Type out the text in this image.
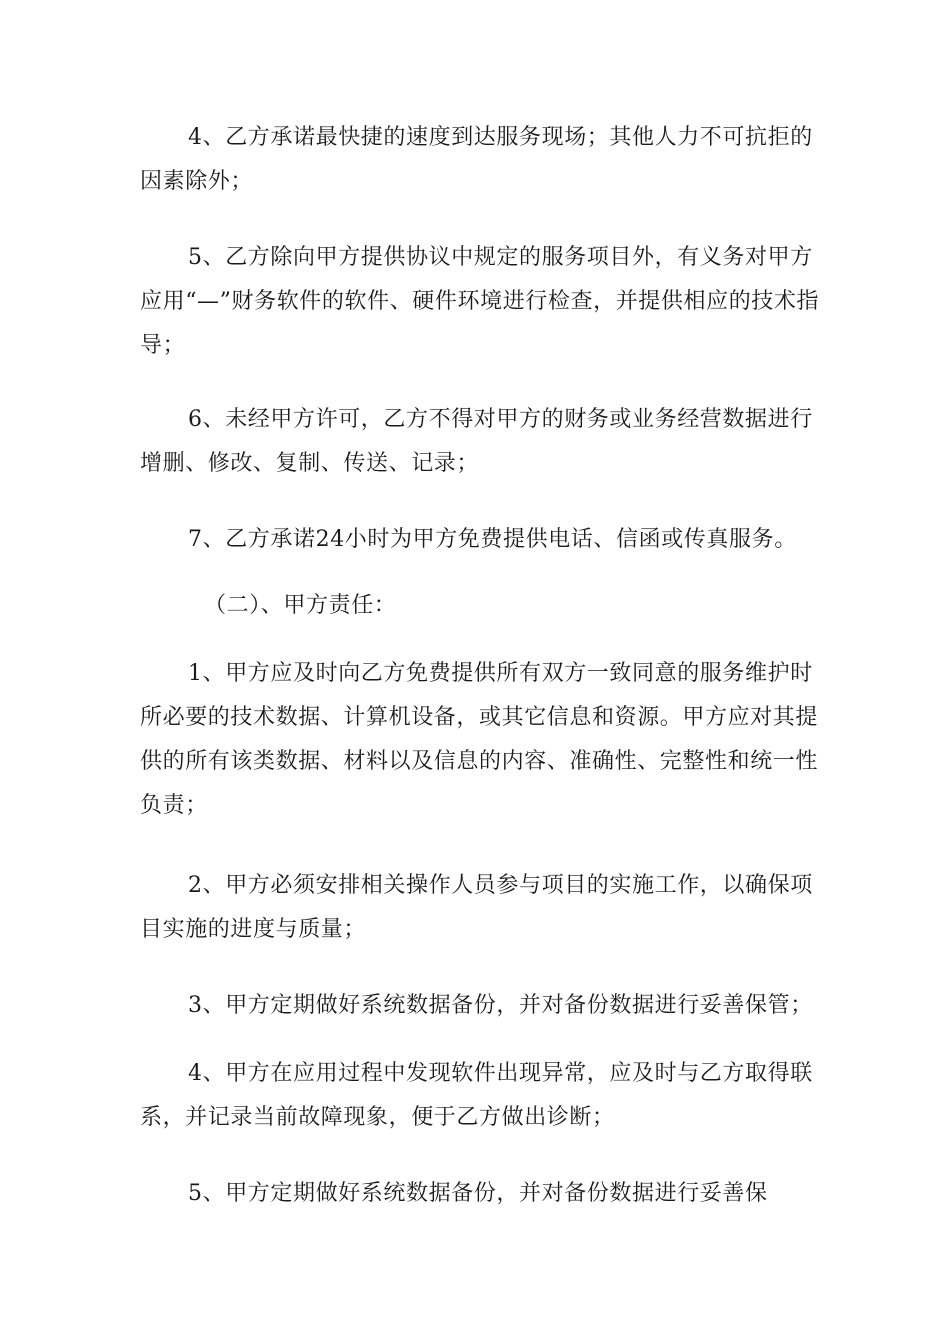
4、乙方承诺最快捷的速度到达服务现场；其他人力不可抗拒的因素除外；

5、乙方除向甲方提供协议中规定的服务项目外，有义务对甲方应用“—”财务软件的软件、硬件环境进行检查，并提供相应的技术指导；

6、未经甲方许可，乙方不得对甲方的财务或业务经营数据进行增删、修改、复制、传送、记录；

7、乙方承诺24小时为甲方免费提供电话、信函或传真服务。

（二）、甲方责任：

1、甲方应及时向乙方免费提供所有双方一致同意的服务维护时所必要的技术数据、计算机设备，或其它信息和资源。甲方应对其提供的所有该类数据、材料以及信息的内容、准确性、完整性和统一性负责；

2、甲方必须安排相关操作人员参与项目的实施工作，以确保项目实施的进度与质量；

3、甲方定期做好系统数据备份，并对备份数据进行妥善保管；

4、甲方在应用过程中发现软件出现异常，应及时与乙方取得联系，并记录当前故障现象，便于乙方做出诊断；

5、甲方定期做好系统数据备份，并对备份数据进行妥善保
